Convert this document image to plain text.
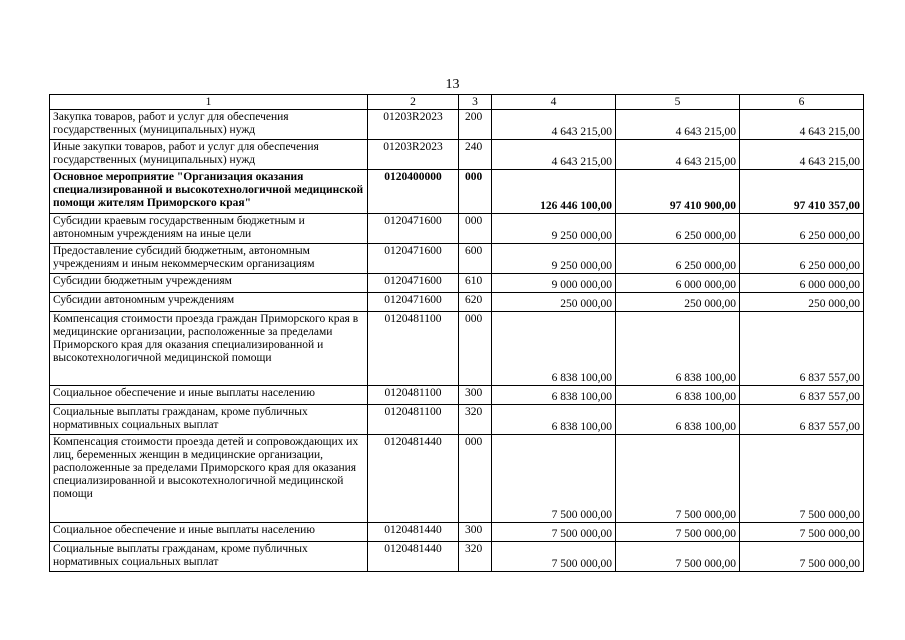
13
1	2	3	4	5	6
Закупка товаров, работ и услуг для обеспечения государственных (муниципальных) нужд	01203R2023	200	4 643 215,00	4 643 215,00	4 643 215,00
Иные закупки товаров, работ и услуг для обеспечения государственных (муниципальных) нужд	01203R2023	240	4 643 215,00	4 643 215,00	4 643 215,00
Основное мероприятие "Организация оказания специализированной и высокотехнологичной медицинской помощи жителям Приморского края"	0120400000	000	126 446 100,00	97 410 900,00	97 410 357,00
Субсидии краевым государственным бюджетным и автономным учреждениям на иные цели	0120471600	000	9 250 000,00	6 250 000,00	6 250 000,00
Предоставление субсидий бюджетным, автономным учреждениям и иным некоммерческим организациям	0120471600	600	9 250 000,00	6 250 000,00	6 250 000,00
Субсидии бюджетным учреждениям	0120471600	610	9 000 000,00	6 000 000,00	6 000 000,00
Субсидии автономным учреждениям	0120471600	620	250 000,00	250 000,00	250 000,00
Компенсация стоимости проезда граждан Приморского края в медицинские организации, расположенные за пределами Приморского края для оказания специализированной и высокотехнологичной медицинской помощи	0120481100	000	6 838 100,00	6 838 100,00	6 837 557,00
Социальное обеспечение и иные выплаты населению	0120481100	300	6 838 100,00	6 838 100,00	6 837 557,00
Социальные выплаты гражданам, кроме публичных нормативных социальных выплат	0120481100	320	6 838 100,00	6 838 100,00	6 837 557,00
Компенсация стоимости проезда детей и сопровождающих их лиц, беременных женщин в медицинские организации, расположенные за пределами Приморского края для оказания специализированной и высокотехнологичной медицинской помощи	0120481440	000	7 500 000,00	7 500 000,00	7 500 000,00
Социальное обеспечение и иные выплаты населению	0120481440	300	7 500 000,00	7 500 000,00	7 500 000,00
Социальные выплаты гражданам, кроме публичных нормативных социальных выплат	0120481440	320	7 500 000,00	7 500 000,00	7 500 000,00
